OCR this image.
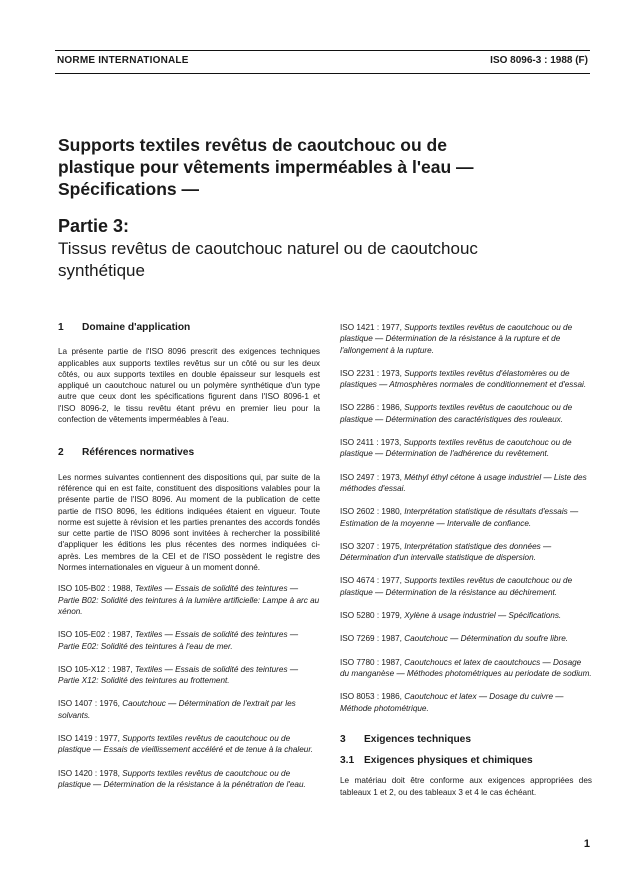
NORME INTERNATIONALE	ISO 8096-3 : 1988 (F)
Supports textiles revêtus de caoutchouc ou de
plastique pour vêtements imperméables à l'eau —
Spécifications —
Partie 3:
Tissus revêtus de caoutchouc naturel ou de caoutchouc
synthétique
1 Domaine d'application

La présente partie de l'ISO 8096 prescrit des exigences techniques applicables aux supports textiles revêtus sur un côté ou sur les deux côtés, ou aux supports textiles en double épaisseur sur lesquels est appliqué un caoutchouc naturel ou un polymère synthétique d'un type autre que ceux dont les spécifications figurent dans l'ISO 8096-1 et l'ISO 8096-2, le tissu revêtu étant prévu en premier lieu pour la confection de vêtements imperméables à l'eau.

2 Références normatives

Les normes suivantes contiennent des dispositions qui, par suite de la référence qui en est faite, constituent des dispositions valables pour la présente partie de l'ISO 8096. Au moment de la publication de cette partie de l'ISO 8096, les éditions indiquées étaient en vigueur. Toute norme est sujette à révision et les parties prenantes des accords fondés sur cette partie de l'ISO 8096 sont invitées à rechercher la possibilité d'appliquer les éditions les plus récentes des normes indiquées ci-après. Les membres de la CEI et de l'ISO possèdent le registre des Normes internationales en vigueur à un moment donné.

ISO 105-B02 : 1988, Textiles — Essais de solidité des teintures — Partie B02: Solidité des teintures à la lumière artificielle: Lampe à arc au xénon.

ISO 105-E02 : 1987, Textiles — Essais de solidité des teintures — Partie E02: Solidité des teintures à l'eau de mer.

ISO 105-X12 : 1987, Textiles — Essais de solidité des teintures — Partie X12: Solidité des teintures au frottement.

ISO 1407 : 1976, Caoutchouc — Détermination de l'extrait par les solvants.

ISO 1419 : 1977, Supports textiles revêtus de caoutchouc ou de plastique — Essais de vieillissement accéléré et de tenue à la chaleur.

ISO 1420 : 1978, Supports textiles revêtus de caoutchouc ou de plastique — Détermination de la résistance à la pénétration de l'eau.

ISO 1421 : 1977, Supports textiles revêtus de caoutchouc ou de plastique — Détermination de la résistance à la rupture et de l'allongement à la rupture.

ISO 2231 : 1973, Supports textiles revêtus d'élastomères ou de plastiques — Atmosphères normales de conditionnement et d'essai.

ISO 2286 : 1986, Supports textiles revêtus de caoutchouc ou de plastique — Détermination des caractéristiques des rouleaux.

ISO 2411 : 1973, Supports textiles revêtus de caoutchouc ou de plastique — Détermination de l'adhérence du revêtement.

ISO 2497 : 1973, Méthyl éthyl cétone à usage industriel — Liste des méthodes d'essai.

ISO 2602 : 1980, Interprétation statistique de résultats d'essais — Estimation de la moyenne — Intervalle de confiance.

ISO 3207 : 1975, Interprétation statistique des données — Détermination d'un intervalle statistique de dispersion.

ISO 4674 : 1977, Supports textiles revêtus de caoutchouc ou de plastique — Détermination de la résistance au déchirement.

ISO 5280 : 1979, Xylène à usage industriel — Spécifications.

ISO 7269 : 1987, Caoutchouc — Détermination du soufre libre.

ISO 7780 : 1987, Caoutchoucs et latex de caoutchoucs — Dosage du manganèse — Méthodes photométriques au periodate de sodium.

ISO 8053 : 1986, Caoutchouc et latex — Dosage du cuivre — Méthode photométrique.

3 Exigences techniques
3.1 Exigences physiques et chimiques

Le matériau doit être conforme aux exigences appropriées des tableaux 1 et 2, ou des tableaux 3 et 4 le cas échéant.

1
